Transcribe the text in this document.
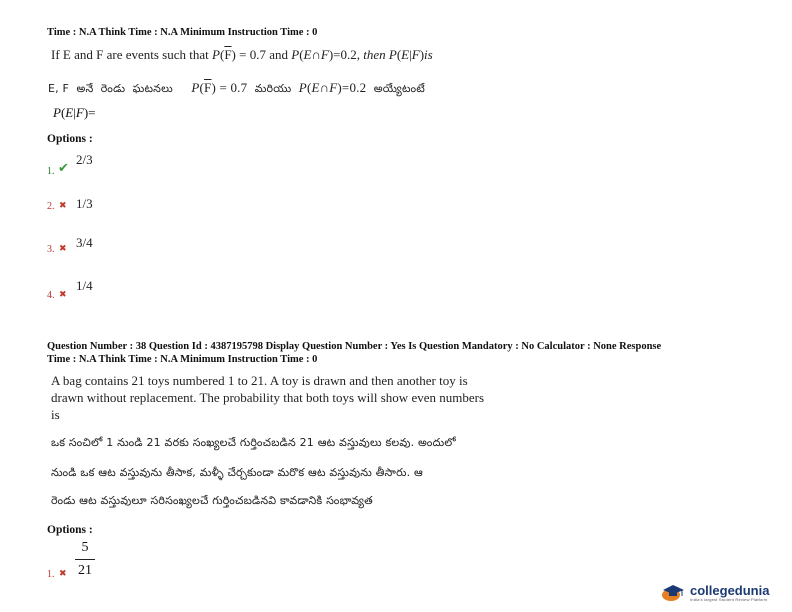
Time : N.A Think Time : N.A Minimum Instruction Time : 0
If E and F are events such that $P(\overline{F}) = 0.7$ and P(E∩F)=0.2, then P(E|F)is
E, F  అనే  రెండు  ఘటనలు     $P(\overline{F}) = 0.7$  మరియు  P(E∩F)=0.2  అయ్యేటంటే
P(E|F)=
Options :
1. ✔
2/3
2. ✖ 1/3
3. ✖ 3/4
4. ✖
1/4
Question Number : 38 Question Id : 4387195798 Display Question Number : Yes Is Question Mandatory : No Calculator : None Response
Time : N.A Think Time : N.A Minimum Instruction Time : 0
A bag contains 21 toys numbered 1 to 21. A toy is drawn and then another toy is
drawn without replacement. The probability that both toys will show even numbers
is
ఒక సంచిలో 1 నుండి 21 వరకు సంఖ్యలచే గుర్తించబడిన 21 ఆట వస్తువులు కలవు. అందులో
నుండి ఒక ఆట వస్తువును తీసాక, మళ్ళీ చేర్చకుండా మరొక ఆట వస్తువును తీసారు. ఆ
రెండు ఆట వస్తువులూ సరిసంఖ్యలచే గుర్తించబడినవి కావడానికి సంభావ్యత
Options :
1. ✖
5
21
collegedunia
India's largest Student Review Platform
